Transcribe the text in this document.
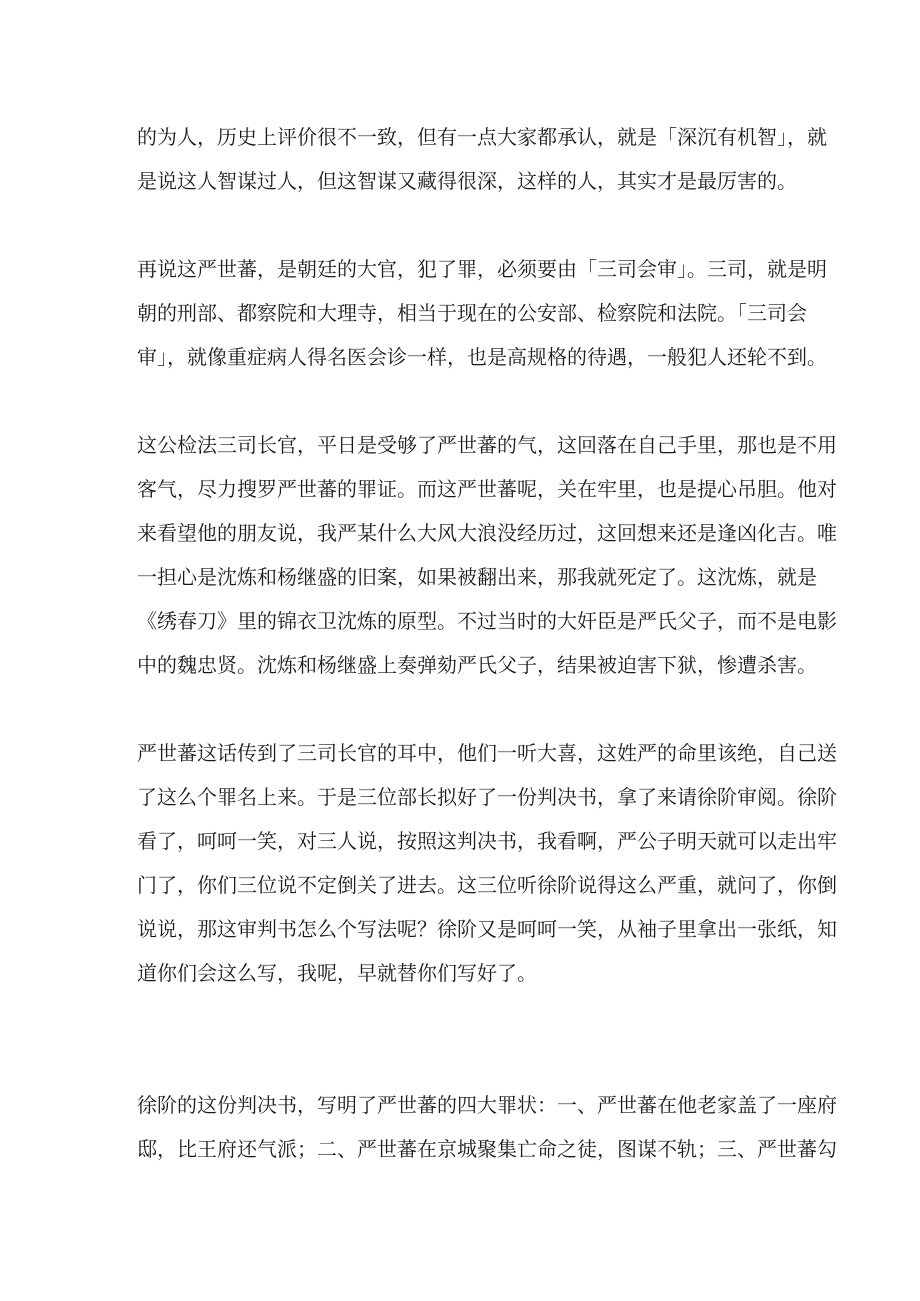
的为人，历史上评价很不一致，但有一点大家都承认，就是「深沉有机智」，就
是说这人智谋过人，但这智谋又藏得很深，这样的人，其实才是最厉害的。
再说这严世蕃，是朝廷的大官，犯了罪，必须要由「三司会审」。三司，就是明
朝的刑部、都察院和大理寺，相当于现在的公安部、检察院和法院。「三司会
审」，就像重症病人得名医会诊一样，也是高规格的待遇，一般犯人还轮不到。
这公检法三司长官，平日是受够了严世蕃的气，这回落在自己手里，那也是不用
客气，尽力搜罗严世蕃的罪证。而这严世蕃呢，关在牢里，也是提心吊胆。他对
来看望他的朋友说，我严某什么大风大浪没经历过，这回想来还是逢凶化吉。唯
一担心是沈炼和杨继盛的旧案，如果被翻出来，那我就死定了。这沈炼，就是
《绣春刀》里的锦衣卫沈炼的原型。不过当时的大奸臣是严氏父子，而不是电影
中的魏忠贤。沈炼和杨继盛上奏弹劾严氏父子，结果被迫害下狱，惨遭杀害。
严世蕃这话传到了三司长官的耳中，他们一听大喜，这姓严的命里该绝，自己送
了这么个罪名上来。于是三位部长拟好了一份判决书，拿了来请徐阶审阅。徐阶
看了，呵呵一笑，对三人说，按照这判决书，我看啊，严公子明天就可以走出牢
门了，你们三位说不定倒关了进去。这三位听徐阶说得这么严重，就问了，你倒
说说，那这审判书怎么个写法呢？徐阶又是呵呵一笑，从袖子里拿出一张纸，知
道你们会这么写，我呢，早就替你们写好了。
徐阶的这份判决书，写明了严世蕃的四大罪状：一、严世蕃在他老家盖了一座府
邸，比王府还气派；二、严世蕃在京城聚集亡命之徒，图谋不轨；三、严世蕃勾
